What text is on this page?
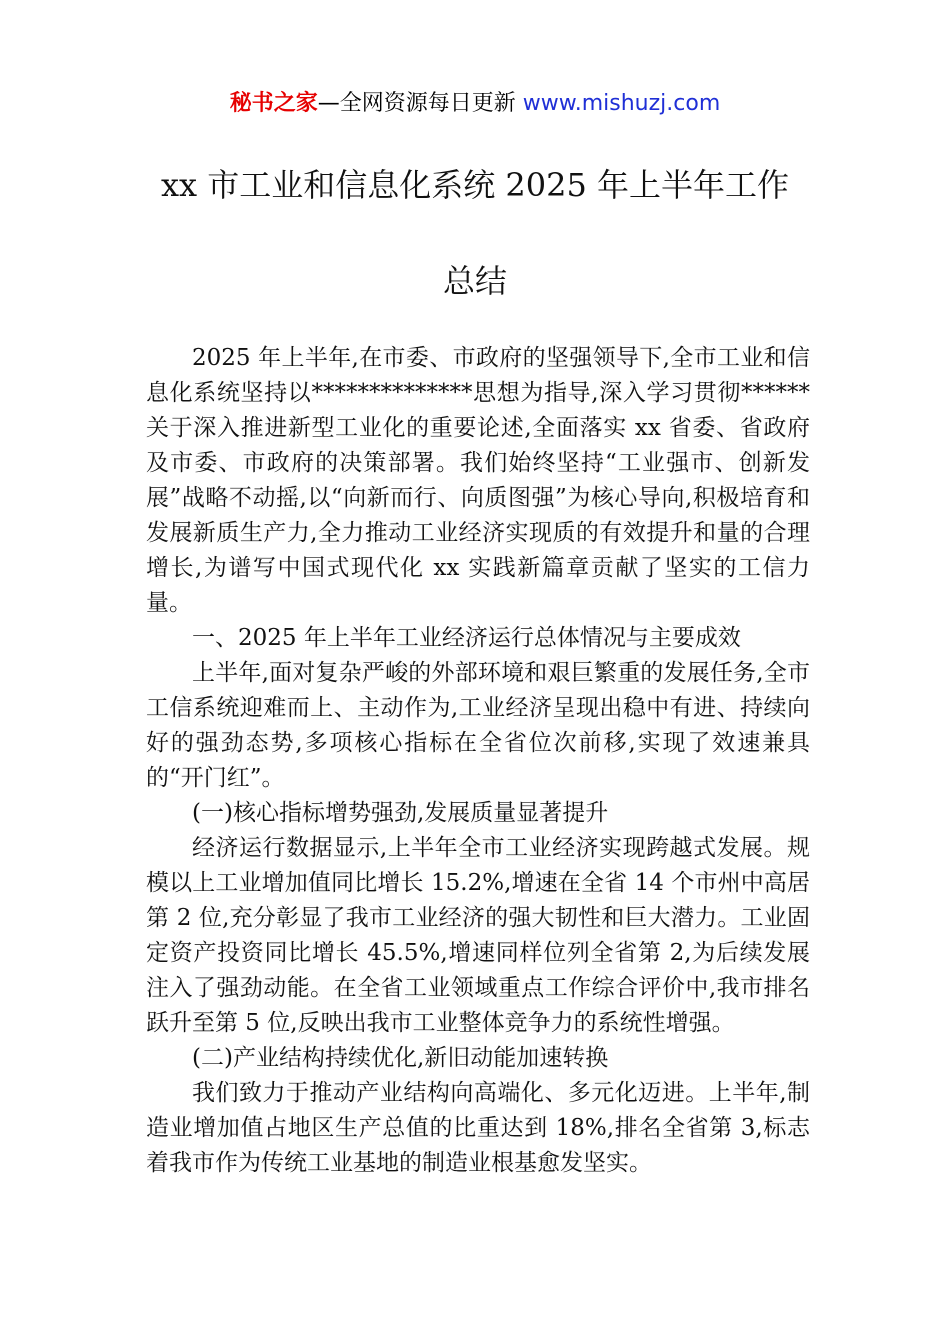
秘书之家—全网资源每日更新 www.mishuzj.com
xx 市工业和信息化系统 2025 年上半年工作
总结

2025 年上半年,在市委、市政府的坚强领导下,全市工业和信息化系统坚持以**************思想为指导,深入学习贯彻******关于深入推进新型工业化的重要论述,全面落实 xx 省委、省政府及市委、市政府的决策部署。我们始终坚持“工业强市、创新发展”战略不动摇,以“向新而行、向质图强”为核心导向,积极培育和发展新质生产力,全力推动工业经济实现质的有效提升和量的合理增长,为谱写中国式现代化 xx 实践新篇章贡献了坚实的工信力量。

一、2025 年上半年工业经济运行总体情况与主要成效

上半年,面对复杂严峻的外部环境和艰巨繁重的发展任务,全市工信系统迎难而上、主动作为,工业经济呈现出稳中有进、持续向好的强劲态势,多项核心指标在全省位次前移,实现了效速兼具的“开门红”。

(一)核心指标增势强劲,发展质量显著提升

经济运行数据显示,上半年全市工业经济实现跨越式发展。规模以上工业增加值同比增长 15.2%,增速在全省 14 个市州中高居第 2 位,充分彰显了我市工业经济的强大韧性和巨大潜力。工业固定资产投资同比增长 45.5%,增速同样位列全省第 2,为后续发展注入了强劲动能。在全省工业领域重点工作综合评价中,我市排名跃升至第 5 位,反映出我市工业整体竞争力的系统性增强。

(二)产业结构持续优化,新旧动能加速转换

我们致力于推动产业结构向高端化、多元化迈进。上半年,制造业增加值占地区生产总值的比重达到 18%,排名全省第 3,标志着我市作为传统工业基地的制造业根基愈发坚实。
